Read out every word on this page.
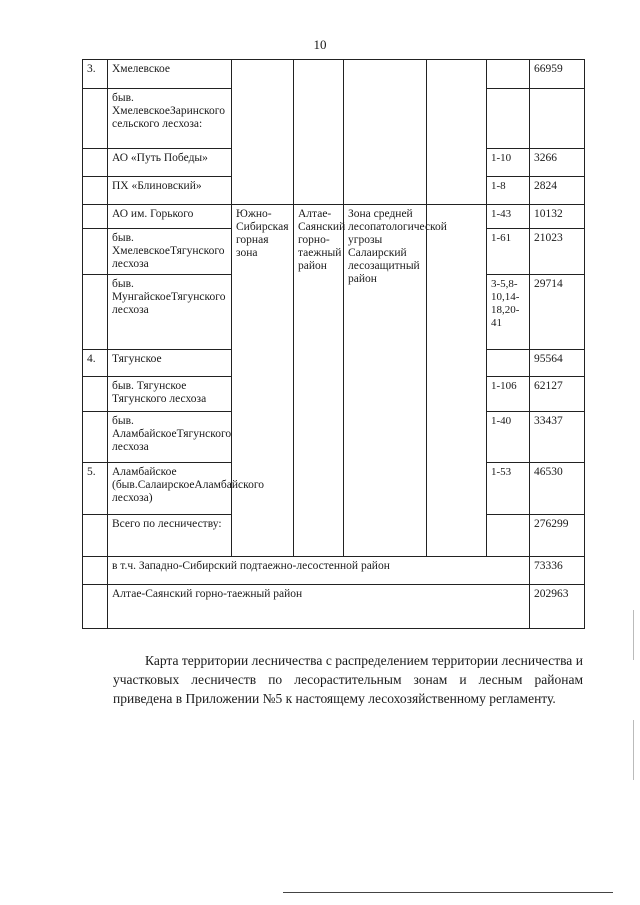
10
3.	Хмелевское						66959
	быв. ХмелевскоеЗаринского сельского лесхоза:						
	АО «Путь Победы»					1-10	3266
	ПХ «Блиновский»					1-8	2824
	АО им. Горького	Южно-Сибирская горная зона	Алтае-Саянский горно-таежный район	Зона средней лесопатологической угрозы Салаирский лесозащитный район		1-43	10132
	быв. ХмелевскоеТягунского лесхоза					1-61	21023
	быв. МунгайскоеТягунского лесхоза					3-5,8-10,14-18,20-41	29714
4.	Тягунское						95564
	быв. Тягунское Тягунского лесхоза					1-106	62127
	быв. АламбайскоеТягунского лесхоза					1-40	33437
5.	Аламбайское (быв.СалаирскоеАламбайского лесхоза)					1-53	46530
	Всего по лесничеству:						276299
	в т.ч. Западно-Сибирский подтаежно-лесостенной район						73336
	Алтае-Саянский горно-таежный район						202963

Карта территории лесничества с распределением территории лесничества и участковых лесничеств по лесорастительным зонам и лесным районам приведена в Приложении №5 к настоящему лесохозяйственному регламенту.
